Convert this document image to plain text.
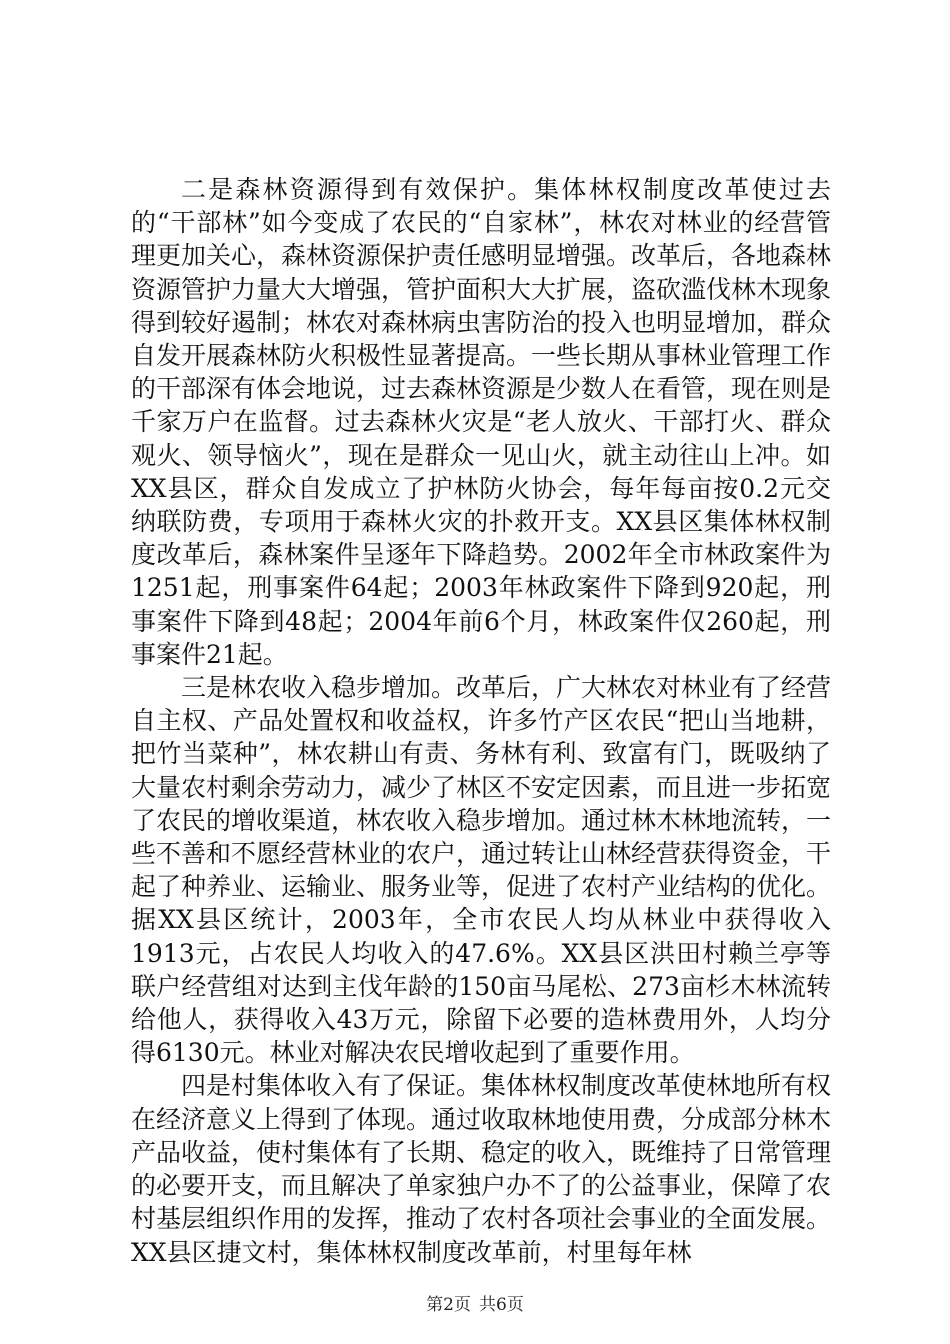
二是森林资源得到有效保护。集体林权制度改革使过去的“干部林”如今变成了农民的“自家林”，林农对林业的经营管理更加关心，森林资源保护责任感明显增强。改革后，各地森林资源管护力量大大增强，管护面积大大扩展，盗砍滥伐林木现象得到较好遏制；林农对森林病虫害防治的投入也明显增加，群众自发开展森林防火积极性显著提高。一些长期从事林业管理工作的干部深有体会地说，过去森林资源是少数人在看管，现在则是千家万户在监督。过去森林火灾是“老人放火、干部打火、群众观火、领导恼火”，现在是群众一见山火，就主动往山上冲。如XX县区，群众自发成立了护林防火协会，每年每亩按0.2元交纳联防费，专项用于森林火灾的扑救开支。XX县区集体林权制度改革后，森林案件呈逐年下降趋势。2002年全市林政案件为1251起，刑事案件64起；2003年林政案件下降到920起，刑事案件下降到48起；2004年前6个月，林政案件仅260起，刑事案件21起。

三是林农收入稳步增加。改革后，广大林农对林业有了经营自主权、产品处置权和收益权，许多竹产区农民“把山当地耕，把竹当菜种”，林农耕山有责、务林有利、致富有门，既吸纳了大量农村剩余劳动力，减少了林区不安定因素，而且进一步拓宽了农民的增收渠道，林农收入稳步增加。通过林木林地流转，一些不善和不愿经营林业的农户，通过转让山林经营获得资金，干起了种养业、运输业、服务业等，促进了农村产业结构的优化。据XX县区统计，2003年，全市农民人均从林业中获得收入1913元，占农民人均收入的47.6%。XX县区洪田村赖兰亭等联户经营组对达到主伐年龄的150亩马尾松、273亩杉木林流转给他人，获得收入43万元，除留下必要的造林费用外，人均分得6130元。林业对解决农民增收起到了重要作用。

四是村集体收入有了保证。集体林权制度改革使林地所有权在经济意义上得到了体现。通过收取林地使用费，分成部分林木产品收益，使村集体有了长期、稳定的收入，既维持了日常管理的必要开支，而且解决了单家独户办不了的公益事业，保障了农村基层组织作用的发挥，推动了农村各项社会事业的全面发展。XX县区捷文村，集体林权制度改革前，村里每年林

第2页 共6页
